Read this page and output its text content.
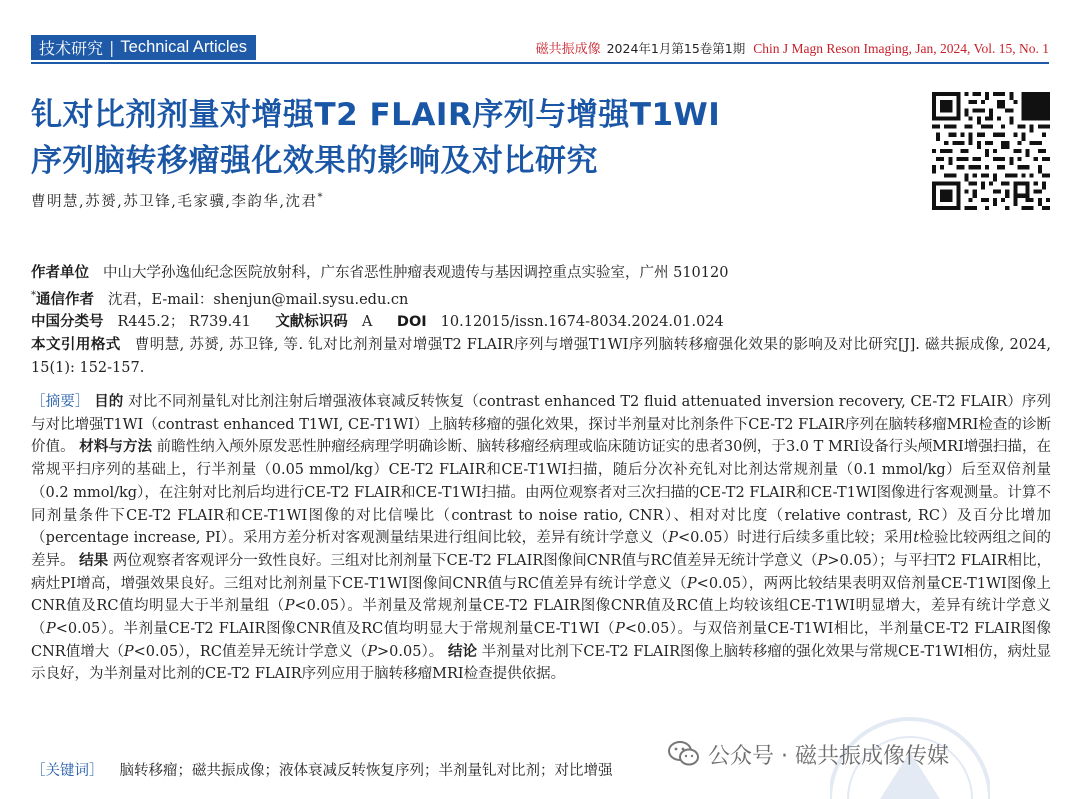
技术研究 | Technical Articles	磁共振成像 2024年1月第15卷第1期 Chin J Magn Reson Imaging, Jan, 2024, Vol. 15, No. 1
钆对比剂剂量对增强T2 FLAIR序列与增强T1WI
序列脑转移瘤强化效果的影响及对比研究
曹明慧,苏赟,苏卫锋,毛家骥,李韵华,沈君*
作者单位 中山大学孙逸仙纪念医院放射科，广东省恶性肿瘤表观遗传与基因调控重点实验室，广州 510120
*通信作者 沈君，E-mail：shenjun@mail.sysu.edu.cn
中国分类号 R445.2； R739.41 文献标识码 A DOI 10.12015/issn.1674-8034.2024.01.024
本文引用格式 曹明慧, 苏赟, 苏卫锋, 等. 钆对比剂剂量对增强T2 FLAIR序列与增强T1WI序列脑转移瘤强化效果的影响及对比研究[J]. 磁共振成像, 2024, 15(1): 152-157.
［摘要］ 目的 对比不同剂量钆对比剂注射后增强液体衰减反转恢复（contrast enhanced T2 fluid attenuated inversion recovery, CE-T2 FLAIR）序列与对比增强T1WI（contrast enhanced T1WI, CE-T1WI）上脑转移瘤的强化效果，探讨半剂量对比剂条件下CE-T2 FLAIR序列在脑转移瘤MRI检查的诊断价值。 材料与方法 前瞻性纳入颅外原发恶性肿瘤经病理学明确诊断、脑转移瘤经病理或临床随访证实的患者30例，于3.0 T MRI设备行头颅MRI增强扫描，在常规平扫序列的基础上，行半剂量（0.05 mmol/kg）CE-T2 FLAIR和CE-T1WI扫描，随后分次补充钆对比剂达常规剂量（0.1 mmol/kg）后至双倍剂量（0.2 mmol/kg），在注射对比剂后均进行CE-T2 FLAIR和CE-T1WI扫描。由两位观察者对三次扫描的CE-T2 FLAIR和CE-T1WI图像进行客观测量。计算不同剂量条件下CE-T2 FLAIR和CE-T1WI图像的对比信噪比（contrast to noise ratio, CNR）、相对对比度（relative contrast, RC）及百分比增加（percentage increase, PI）。采用方差分析对客观测量结果进行组间比较，差异有统计学意义（P<0.05）时进行后续多重比较；采用t检验比较两组之间的差异。 结果 两位观察者客观评分一致性良好。三组对比剂剂量下CE-T2 FLAIR图像间CNR值与RC值差异无统计学意义（P>0.05）；与平扫T2 FLAIR相比，病灶PI增高，增强效果良好。三组对比剂剂量下CE-T1WI图像间CNR值与RC值差异有统计学意义（P<0.05），两两比较结果表明双倍剂量CE-T1WI图像上CNR值及RC值均明显大于半剂量组（P<0.05）。半剂量及常规剂量CE-T2 FLAIR图像CNR值及RC值上均较该组CE-T1WI明显增大，差异有统计学意义（P<0.05）。半剂量CE-T2 FLAIR图像CNR值及RC值均明显大于常规剂量CE-T1WI（P<0.05）。与双倍剂量CE-T1WI相比，半剂量CE-T2 FLAIR图像CNR值增大（P<0.05），RC值差异无统计学意义（P>0.05）。 结论 半剂量对比剂下CE-T2 FLAIR图像上脑转移瘤的强化效果与常规CE-T1WI相仿，病灶显示良好，为半剂量对比剂的CE-T2 FLAIR序列应用于脑转移瘤MRI检查提供依据。
公众号 · 磁共振成像传媒
［关键词］ 脑转移瘤；磁共振成像；液体衰减反转恢复序列；半剂量钆对比剂；对比增强
